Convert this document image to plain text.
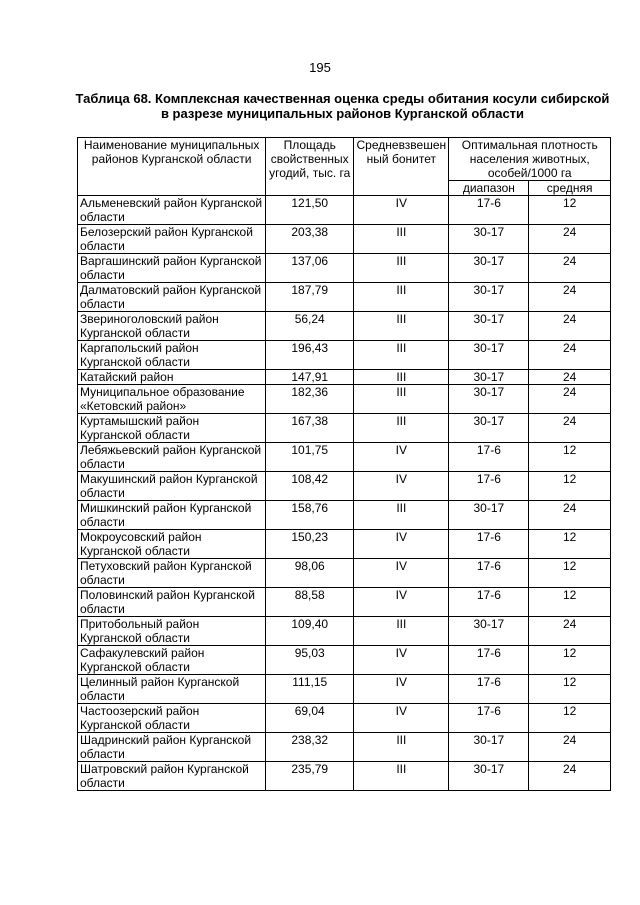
195
Таблица 68. Комплексная качественная оценка среды обитания косули сибирской
в разрезе муниципальных районов Курганской области
Наименование муниципальных районов Курганской области	Площадь свойственных угодий, тыс. га	Средневзвешенный бонитет	Оптимальная плотность населения животных, особей/1000 га	
			диапазон	средняя
Альменевский район Курганской области	121,50	IV	17-6	12
Белозерский район Курганской области	203,38	III	30-17	24
Варгашинский район Курганской области	137,06	III	30-17	24
Далматовский район Курганской области	187,79	III	30-17	24
Звериноголовский район Курганской области	56,24	III	30-17	24
Каргапольский район Курганской области	196,43	III	30-17	24
Катайский район	147,91	III	30-17	24
Муниципальное образование «Кетовский район»	182,36	III	30-17	24
Куртамышский район Курганской области	167,38	III	30-17	24
Лебяжьевский район Курганской области	101,75	IV	17-6	12
Макушинский район Курганской области	108,42	IV	17-6	12
Мишкинский район Курганской области	158,76	III	30-17	24
Мокроусовский район Курганской области	150,23	IV	17-6	12
Петуховский район Курганской области	98,06	IV	17-6	12
Половинский район Курганской области	88,58	IV	17-6	12
Притобольный район Курганской области	109,40	III	30-17	24
Сафакулевский район Курганской области	95,03	IV	17-6	12
Целинный район Курганской области	111,15	IV	17-6	12
Частоозерский район Курганской области	69,04	IV	17-6	12
Шадринский район Курганской области	238,32	III	30-17	24
Шатровский район Курганской области	235,79	III	30-17	24
